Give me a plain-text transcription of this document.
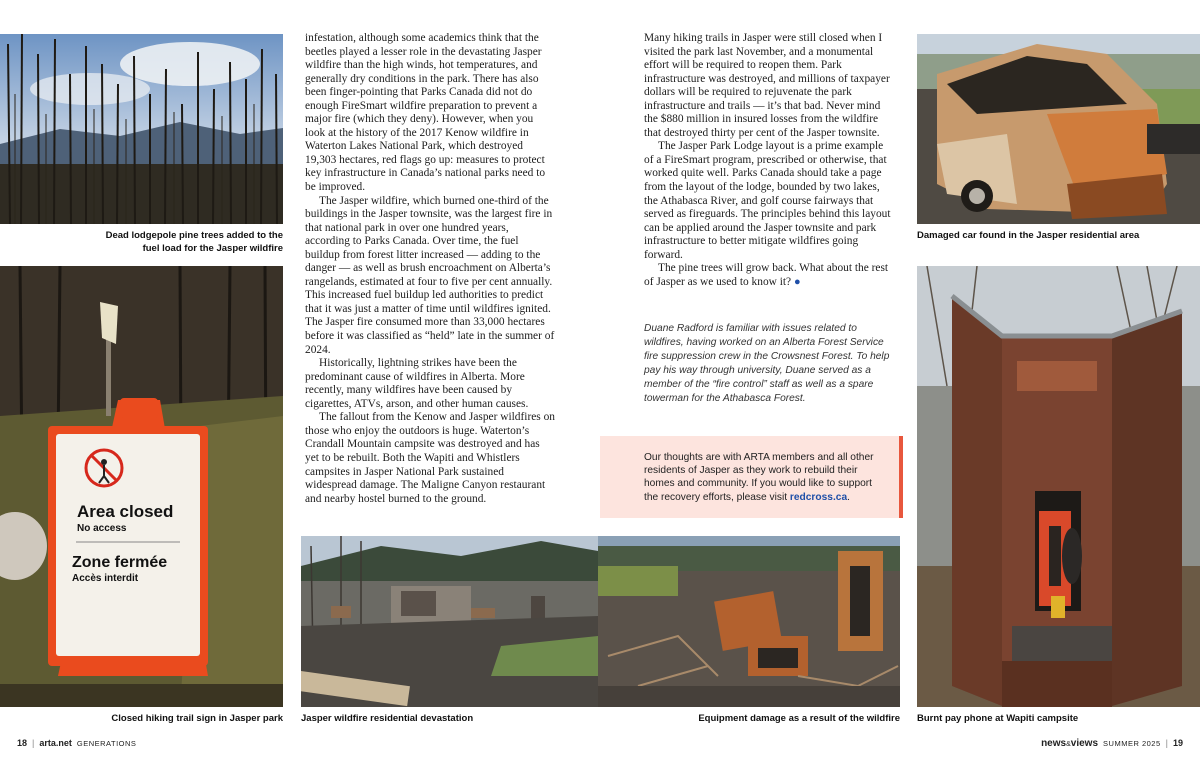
Dead lodgepole pine trees added to the fuel load for the Jasper wildfire
Area closed
No access
Zone fermée
Accès interdit
Closed hiking trail sign in Jasper park

infestation, although some academics think that the beetles played a lesser role in the devastating Jasper wildfire than the high winds, hot temperatures, and generally dry conditions in the park. There has also been finger-pointing that Parks Canada did not do enough FireSmart wildfire preparation to prevent a major fire (which they deny). However, when you look at the history of the 2017 Kenow wildfire in Waterton Lakes National Park, which destroyed 19,303 hectares, red flags go up: measures to protect key infrastructure in Canada’s national parks need to be improved.

The Jasper wildfire, which burned one-third of the buildings in the Jasper townsite, was the largest fire in that national park in over one hundred years, according to Parks Canada. Over time, the fuel buildup from forest litter increased — adding to the danger — as well as brush encroachment on Alberta’s rangelands, estimated at four to five per cent annually. This increased fuel buildup led authorities to predict that it was just a matter of time until wildfires ignited. The Jasper fire consumed more than 33,000 hectares before it was classified as “held” late in the summer of 2024.

Historically, lightning strikes have been the predominant cause of wildfires in Alberta. More recently, many wildfires have been caused by cigarettes, ATVs, arson, and other human causes.

The fallout from the Kenow and Jasper wildfires on those who enjoy the outdoors is huge. Waterton’s Crandall Mountain campsite was destroyed and has yet to be rebuilt. Both the Wapiti and Whistlers campsites in Jasper National Park sustained widespread damage. The Maligne Canyon restaurant and nearby hostel burned to the ground.

Many hiking trails in Jasper were still closed when I visited the park last November, and a monumental effort will be required to reopen them. Park infrastructure was destroyed, and millions of taxpayer dollars will be required to rejuvenate the park infrastructure and trails — it’s that bad. Never mind the $880 million in insured losses from the wildfire that destroyed thirty per cent of the Jasper townsite.

The Jasper Park Lodge layout is a prime example of a FireSmart program, prescribed or otherwise, that worked quite well. Parks Canada should take a page from the layout of the lodge, bounded by two lakes, the Athabasca River, and golf course fairways that served as fireguards. The principles behind this layout can be applied around the Jasper townsite and park infrastructure to better mitigate wildfires going forward.

The pine trees will grow back. What about the rest of Jasper as we used to know it? ●

Duane Radford is familiar with issues related to wildfires, having worked on an Alberta Forest Service fire suppression crew in the Crowsnest Forest. To help pay his way through university, Duane served as a member of the “fire control” staff as well as a spare towerman for the Athabasca Forest.
Our thoughts are with ARTA members and all other residents of Jasper as they work to rebuild their homes and community. If you would like to support the recovery efforts, please visit redcross.ca.
Jasper wildfire residential devastation	Equipment damage as a result of the wildfire
Damaged car found in the Jasper residential area
Burnt pay phone at Wapiti campsite
18 | arta.net GENERATIONS	news&views SUMMER 2025 | 19
